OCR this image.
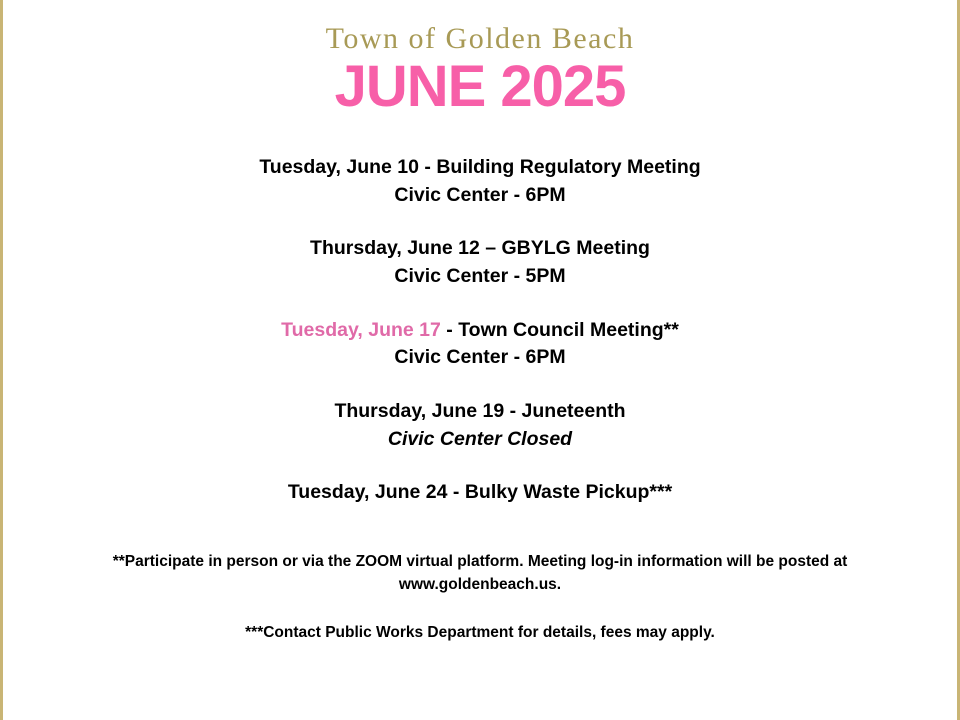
Town of Golden Beach

JUNE 2025

Tuesday, June 10 - Building Regulatory Meeting
Civic Center - 6PM
Thursday, June 12 – GBYLG Meeting
Civic Center - 5PM
Tuesday, June 17 - Town Council Meeting**
Civic Center - 6PM
Thursday, June 19 - Juneteenth
Civic Center Closed
Tuesday, June 24 - Bulky Waste Pickup***

**Participate in person or via the ZOOM virtual platform. Meeting log-in information will be posted at www.goldenbeach.us.

***Contact Public Works Department for details, fees may apply.
